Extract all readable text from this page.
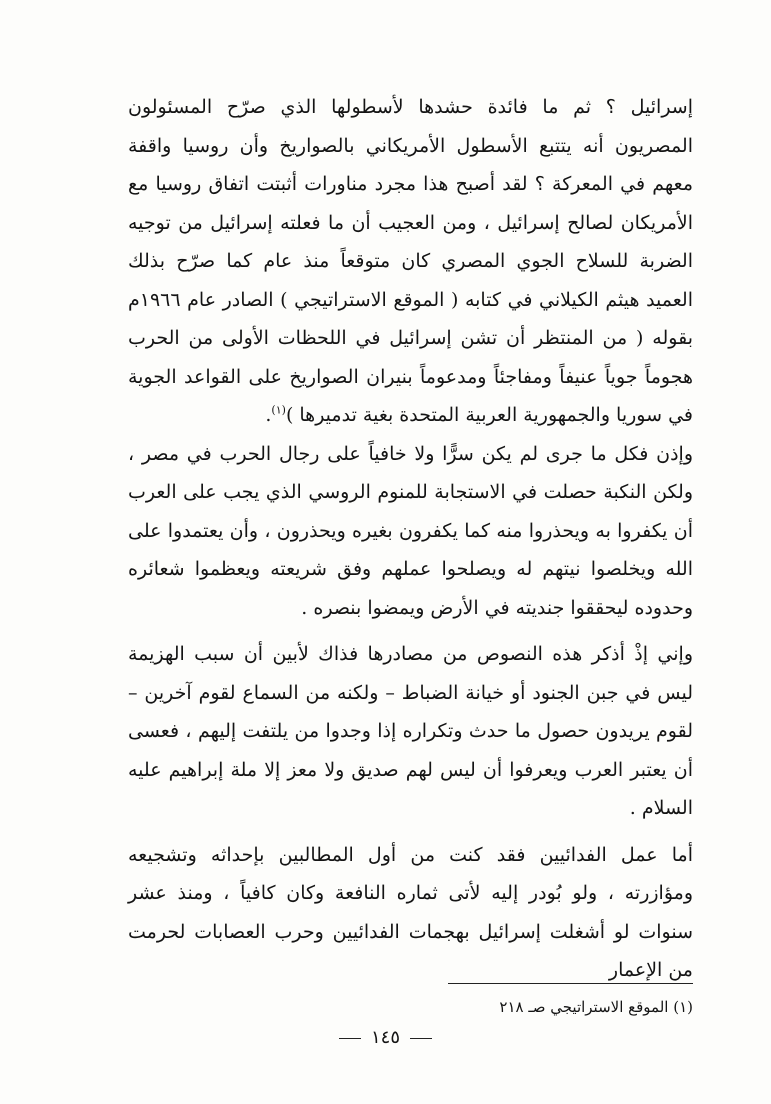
إسرائيل ؟ ثم ما فائدة حشدها لأسطولها الذي صرّح المسئولون المصريون أنه يتتبع الأسطول الأمريكاني بالصواريخ وأن روسيا واقفة معهم في المعركة ؟ لقد أصبح هذا مجرد مناورات أثبتت اتفاق روسيا مع الأمريكان لصالح إسرائيل ، ومن العجيب أن ما فعلته إسرائيل من توجيه الضربة للسلاح الجوي المصري كان متوقعاً منذ عام كما صرّح بذلك العميد هيثم الكيلاني في كتابه ( الموقع الاستراتيجي ) الصادر عام ١٩٦٦م بقوله ( من المنتظر أن تشن إسرائيل في اللحظات الأولى من الحرب هجوماً جوياً عنيفاً ومفاجئاً ومدعوماً بنيران الصواريخ على القواعد الجوية في سوريا والجمهورية العربية المتحدة بغية تدميرها )$^{(١)}$.

وإذن فكل ما جرى لم يكن سرًّا ولا خافياً على رجال الحرب في مصر ، ولكن النكبة حصلت في الاستجابة للمنوم الروسي الذي يجب على العرب أن يكفروا به ويحذروا منه كما يكفرون بغيره ويحذرون ، وأن يعتمدوا على الله ويخلصوا نيتهم له ويصلحوا عملهم وفق شريعته ويعظموا شعائره وحدوده ليحققوا جنديته في الأرض ويمضوا بنصره .

وإني إذْ أذكر هذه النصوص من مصادرها فذاك لأبين أن سبب الهزيمة ليس في جبن الجنود أو خيانة الضباط – ولكنه من السماع لقوم آخرين – لقوم يريدون حصول ما حدث وتكراره إذا وجدوا من يلتفت إليهم ، فعسى أن يعتبر العرب ويعرفوا أن ليس لهم صديق ولا معز إلا ملة إبراهيم عليه السلام .

أما عمل الفدائيين فقد كنت من أول المطالبين بإحداثه وتشجيعه ومؤازرته ، ولو بُودر إليه لأتى ثماره النافعة وكان كافياً ، ومنذ عشر سنوات لو أشغلت إسرائيل بهجمات الفدائيين وحرب العصابات لحرمت من الإعمار

(١) الموقع الاستراتيجي صـ ٢١٨
١٤٥
